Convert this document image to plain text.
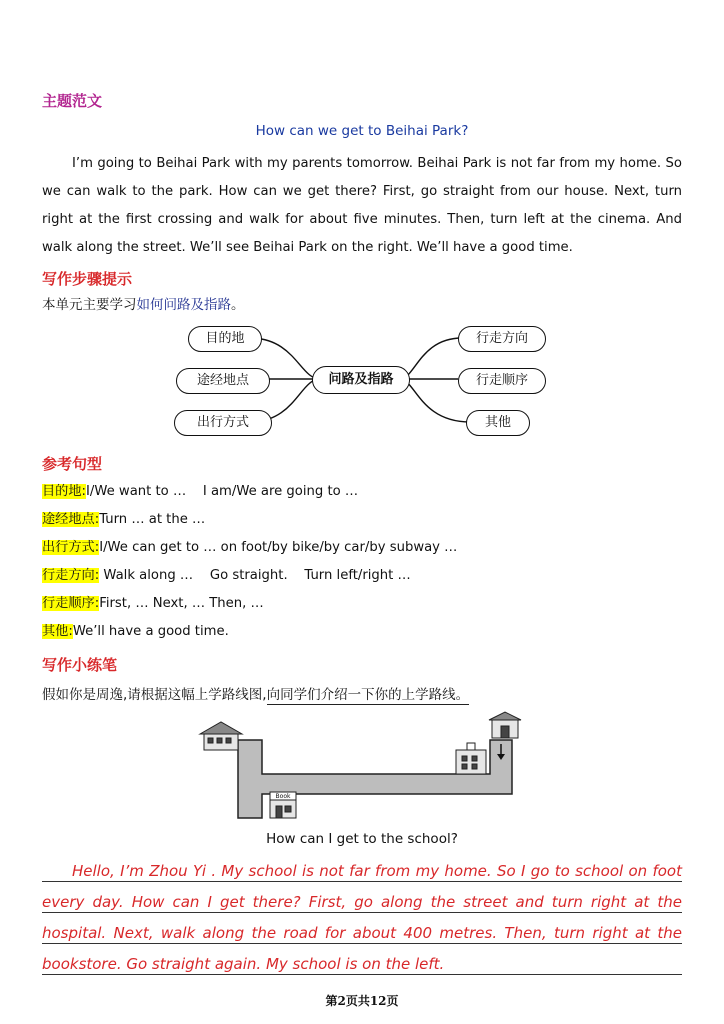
主题范文
How can we get to Beihai Park?

I’m going to Beihai Park with my parents tomorrow. Beihai Park is not far from my home. So we can walk to the park. How can we get there? First, go straight from our house. Next, turn right at the first crossing and walk for about five minutes. Then, turn left at the cinema. And walk along the street. We’ll see Beihai Park on the right. We’ll have a good time.

写作步骤提示
本单元主要学习如何问路及指路。
目的地
途经地点
出行方式
问路及指路
行走方向
行走顺序
其他
参考句型
目的地:I/We want to …    I am/We are going to …
途经地点:Turn … at the …
出行方式:I/We can get to … on foot/by bike/by car/by subway …
行走方向: Walk along …    Go straight.    Turn left/right …
行走顺序:First, … Next, … Then, …
其他:We’ll have a good time.
写作小练笔
假如你是周逸,请根据这幅上学路线图,向同学们介绍一下你的上学路线。
Book
How can I get to the school?

Hello, I’m Zhou Yi . My school is not far from my home. So I go to school on foot every day. How can I get there? First, go along the street and turn right at the hospital. Next, walk along the road for about 400 metres. Then, turn right at the bookstore. Go straight again. My school is on the left.

第2页共12页
